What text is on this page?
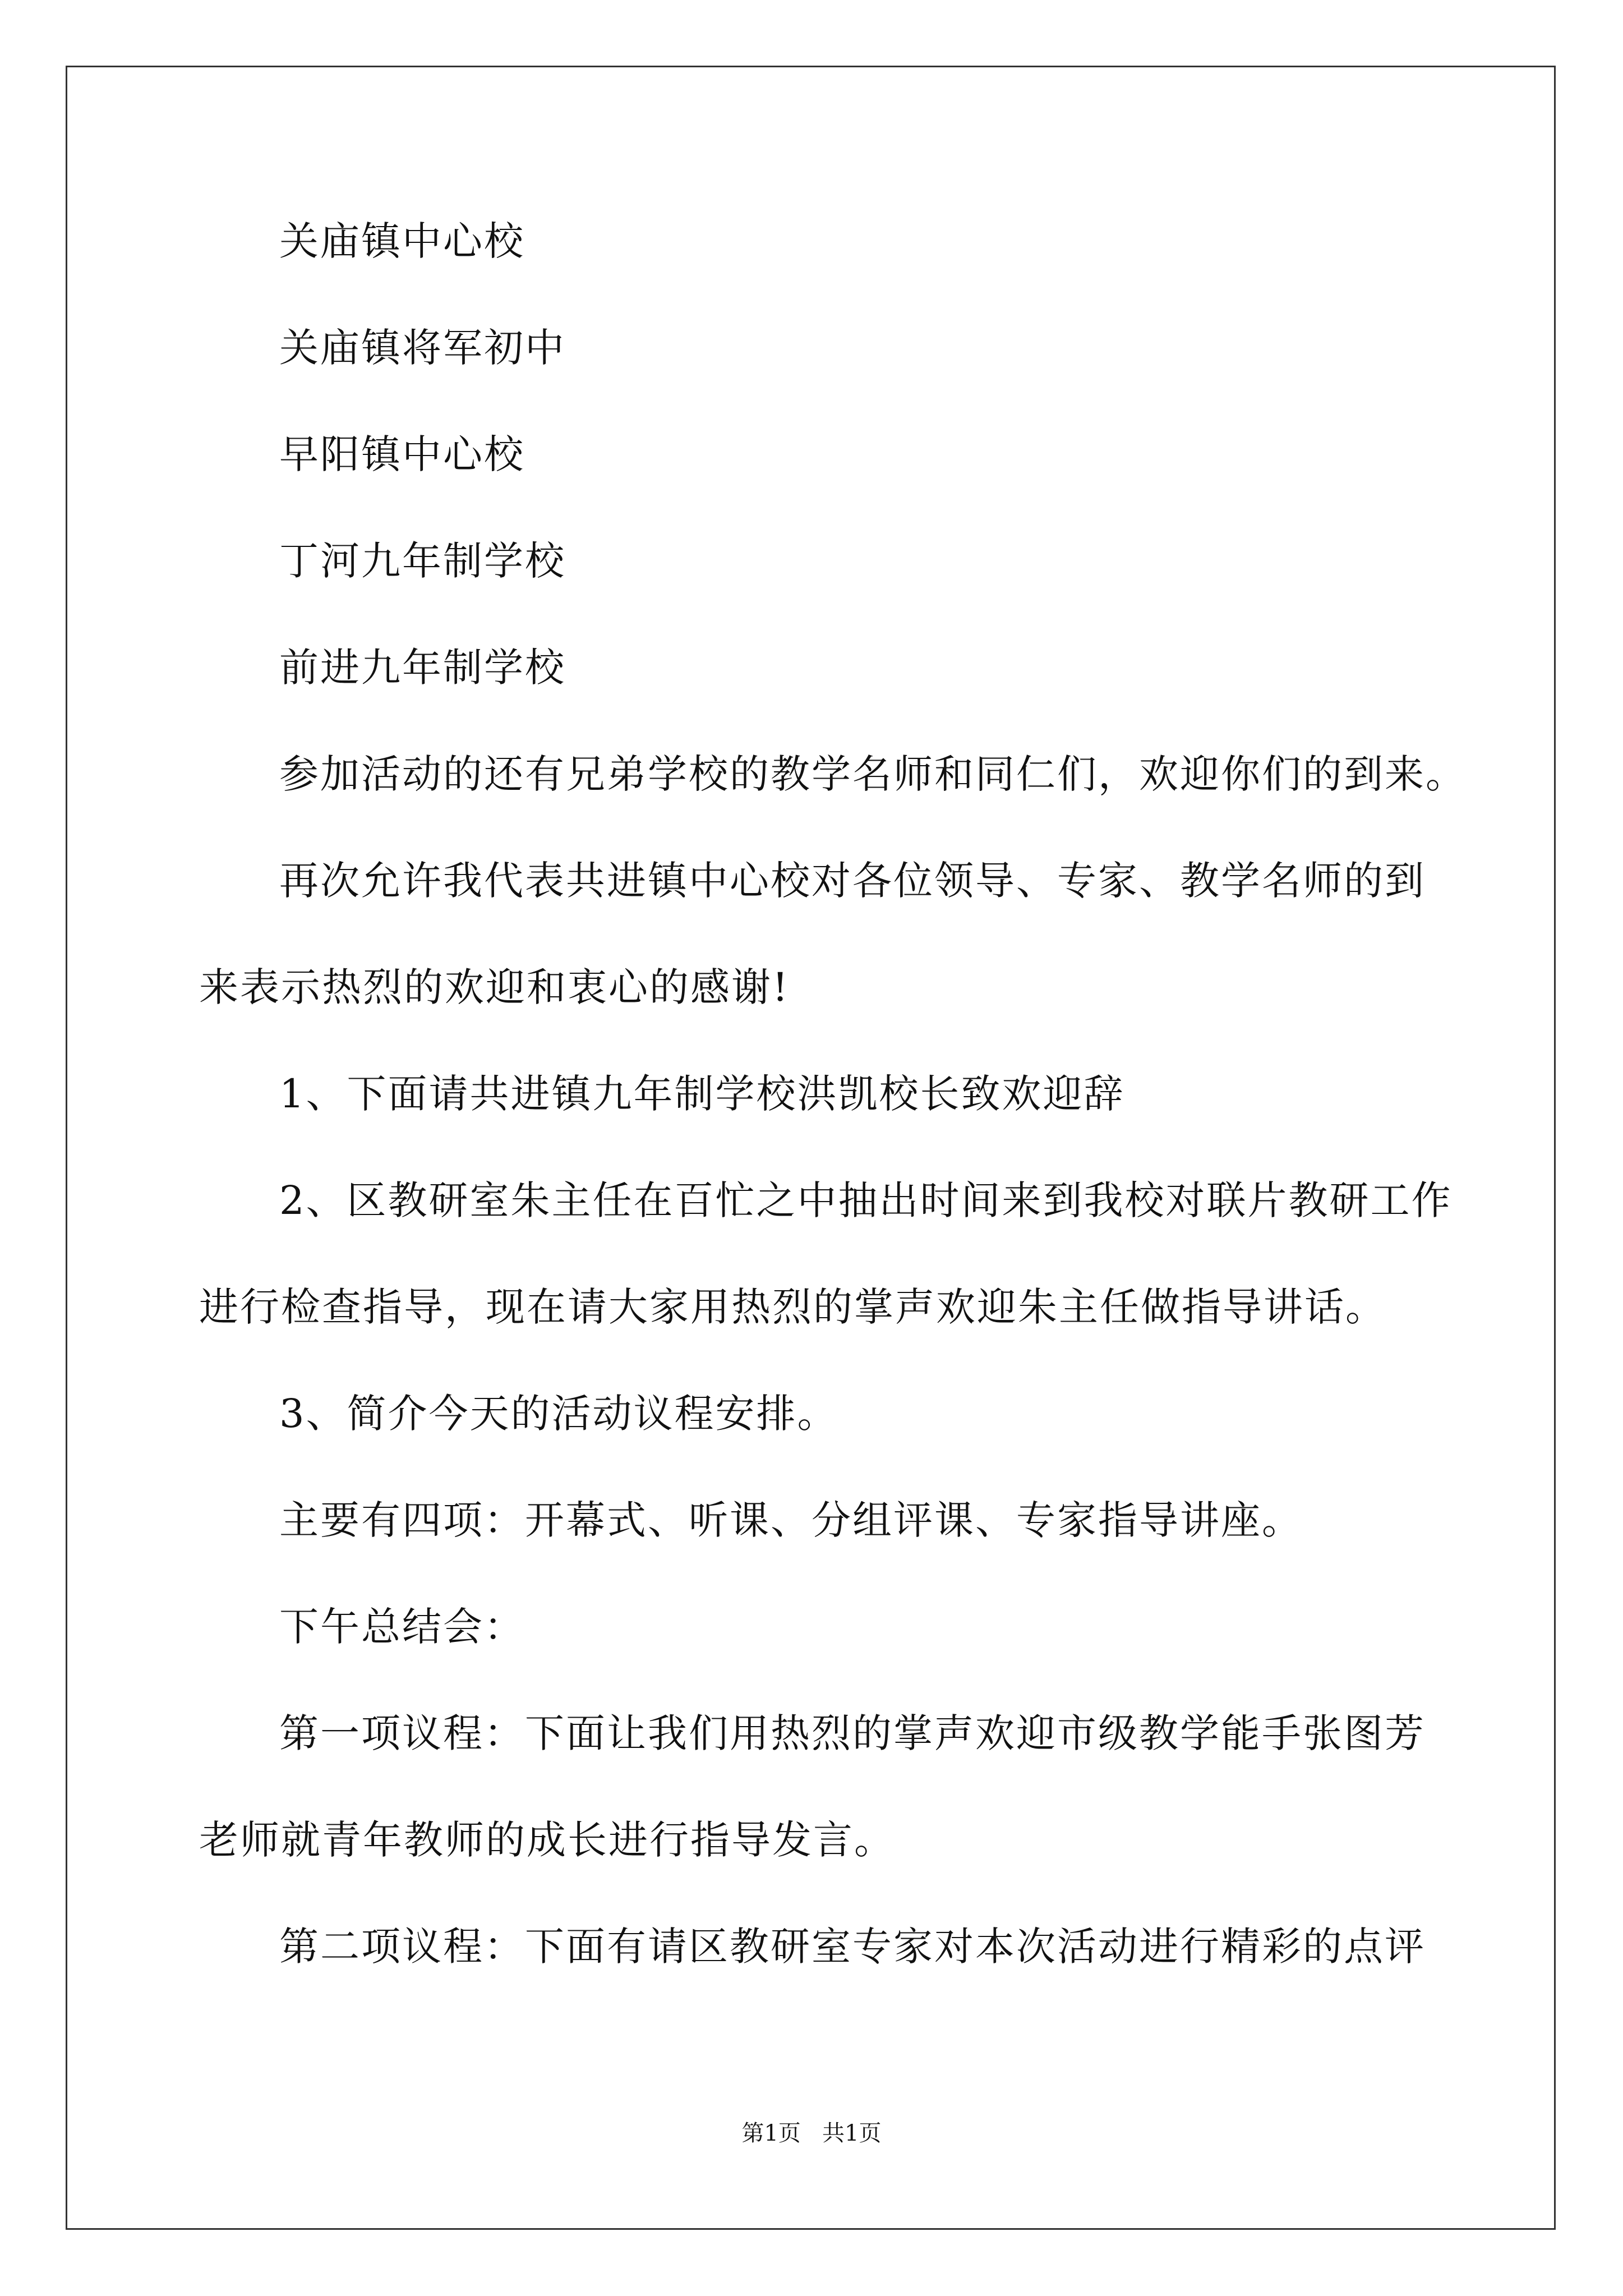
关庙镇中心校
关庙镇将军初中
早阳镇中心校
丁河九年制学校
前进九年制学校
参加活动的还有兄弟学校的教学名师和同仁们，欢迎你们的到来。
再次允许我代表共进镇中心校对各位领导、专家、教学名师的到
来表示热烈的欢迎和衷心的感谢!
1、下面请共进镇九年制学校洪凯校长致欢迎辞
2、区教研室朱主任在百忙之中抽出时间来到我校对联片教研工作
进行检查指导，现在请大家用热烈的掌声欢迎朱主任做指导讲话。
3、简介今天的活动议程安排。
主要有四项：开幕式、听课、分组评课、专家指导讲座。
下午总结会：
第一项议程：下面让我们用热烈的掌声欢迎市级教学能手张图芳
老师就青年教师的成长进行指导发言。
第二项议程：下面有请区教研室专家对本次活动进行精彩的点评
第1页   共1页
